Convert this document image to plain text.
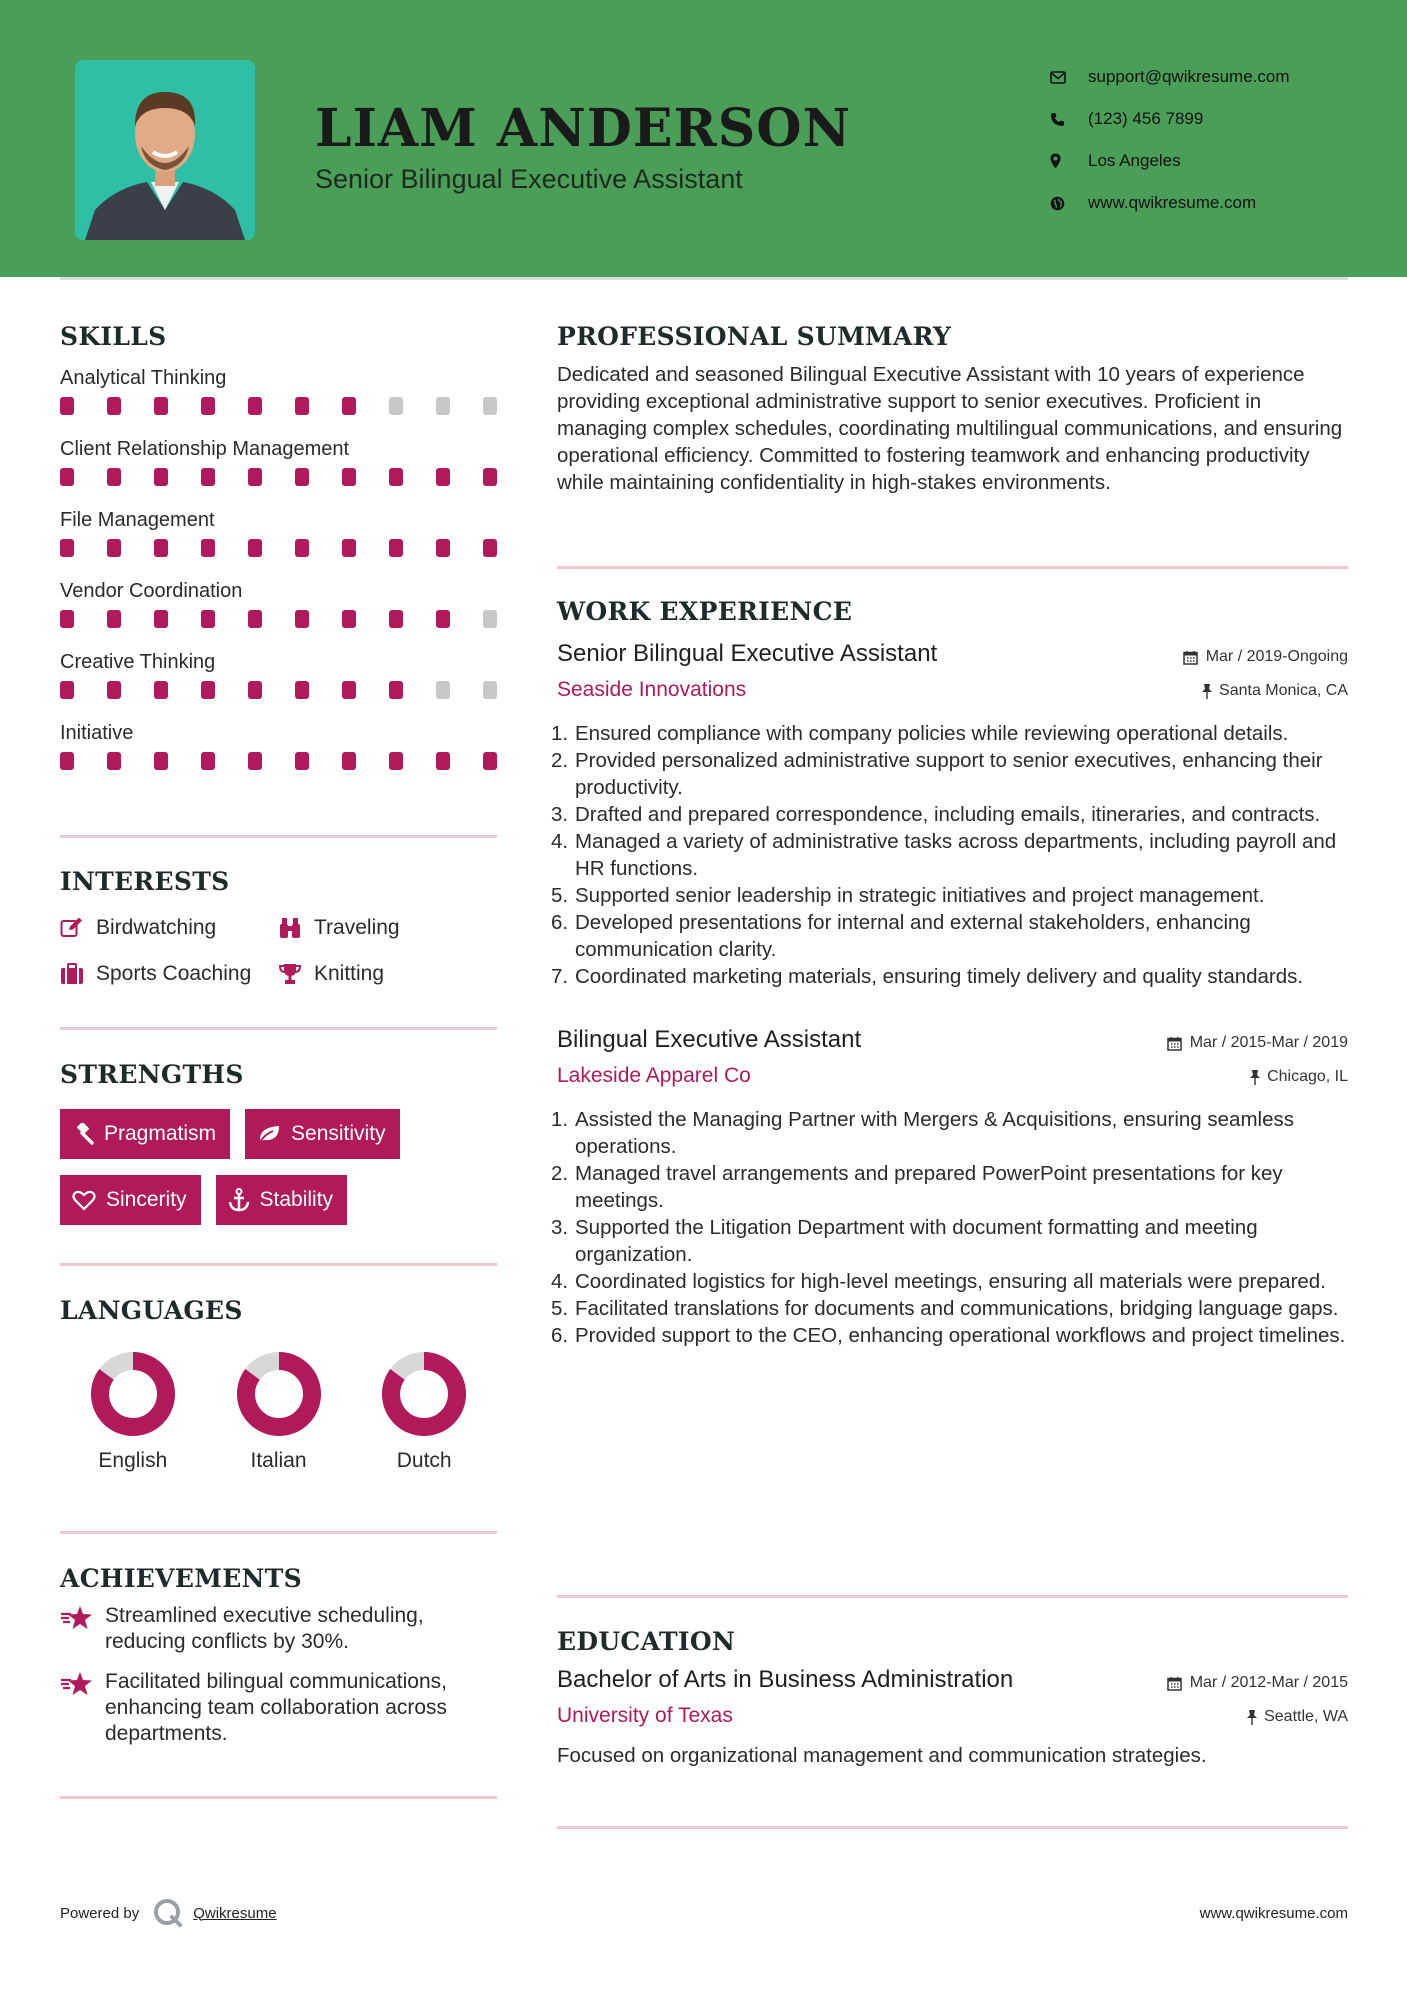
LIAM ANDERSON
Senior Bilingual Executive Assistant
support@qwikresume.com
(123) 456 7899
Los Angeles
www.qwikresume.com
SKILLS
Analytical Thinking
Client Relationship Management
File Management
Vendor Coordination
Creative Thinking
Initiative
INTERESTS
Birdwatching	Traveling
Sports Coaching	Knitting
STRENGTHS
Pragmatism	Sensitivity
Sincerity	Stability
LANGUAGES
English	Italian	Dutch
ACHIEVEMENTS
Streamlined executive scheduling, reducing conflicts by 30%.
Facilitated bilingual communications, enhancing team collaboration across departments.
PROFESSIONAL SUMMARY
Dedicated and seasoned Bilingual Executive Assistant with 10 years of experience providing exceptional administrative support to senior executives. Proficient in managing complex schedules, coordinating multilingual communications, and ensuring operational efficiency. Committed to fostering teamwork and enhancing productivity while maintaining confidentiality in high-stakes environments.
WORK EXPERIENCE
Senior Bilingual Executive Assistant	Mar / 2019-Ongoing
Seaside Innovations	Santa Monica, CA
1. Ensured compliance with company policies while reviewing operational details.
2. Provided personalized administrative support to senior executives, enhancing their productivity.
3. Drafted and prepared correspondence, including emails, itineraries, and contracts.
4. Managed a variety of administrative tasks across departments, including payroll and HR functions.
5. Supported senior leadership in strategic initiatives and project management.
6. Developed presentations for internal and external stakeholders, enhancing communication clarity.
7. Coordinated marketing materials, ensuring timely delivery and quality standards.
Bilingual Executive Assistant	Mar / 2015-Mar / 2019
Lakeside Apparel Co	Chicago, IL
1. Assisted the Managing Partner with Mergers & Acquisitions, ensuring seamless operations.
2. Managed travel arrangements and prepared PowerPoint presentations for key meetings.
3. Supported the Litigation Department with document formatting and meeting organization.
4. Coordinated logistics for high-level meetings, ensuring all materials were prepared.
5. Facilitated translations for documents and communications, bridging language gaps.
6. Provided support to the CEO, enhancing operational workflows and project timelines.
EDUCATION
Bachelor of Arts in Business Administration	Mar / 2012-Mar / 2015
University of Texas	Seattle, WA
Focused on organizational management and communication strategies.
Powered by	Qwikresume	www.qwikresume.com
